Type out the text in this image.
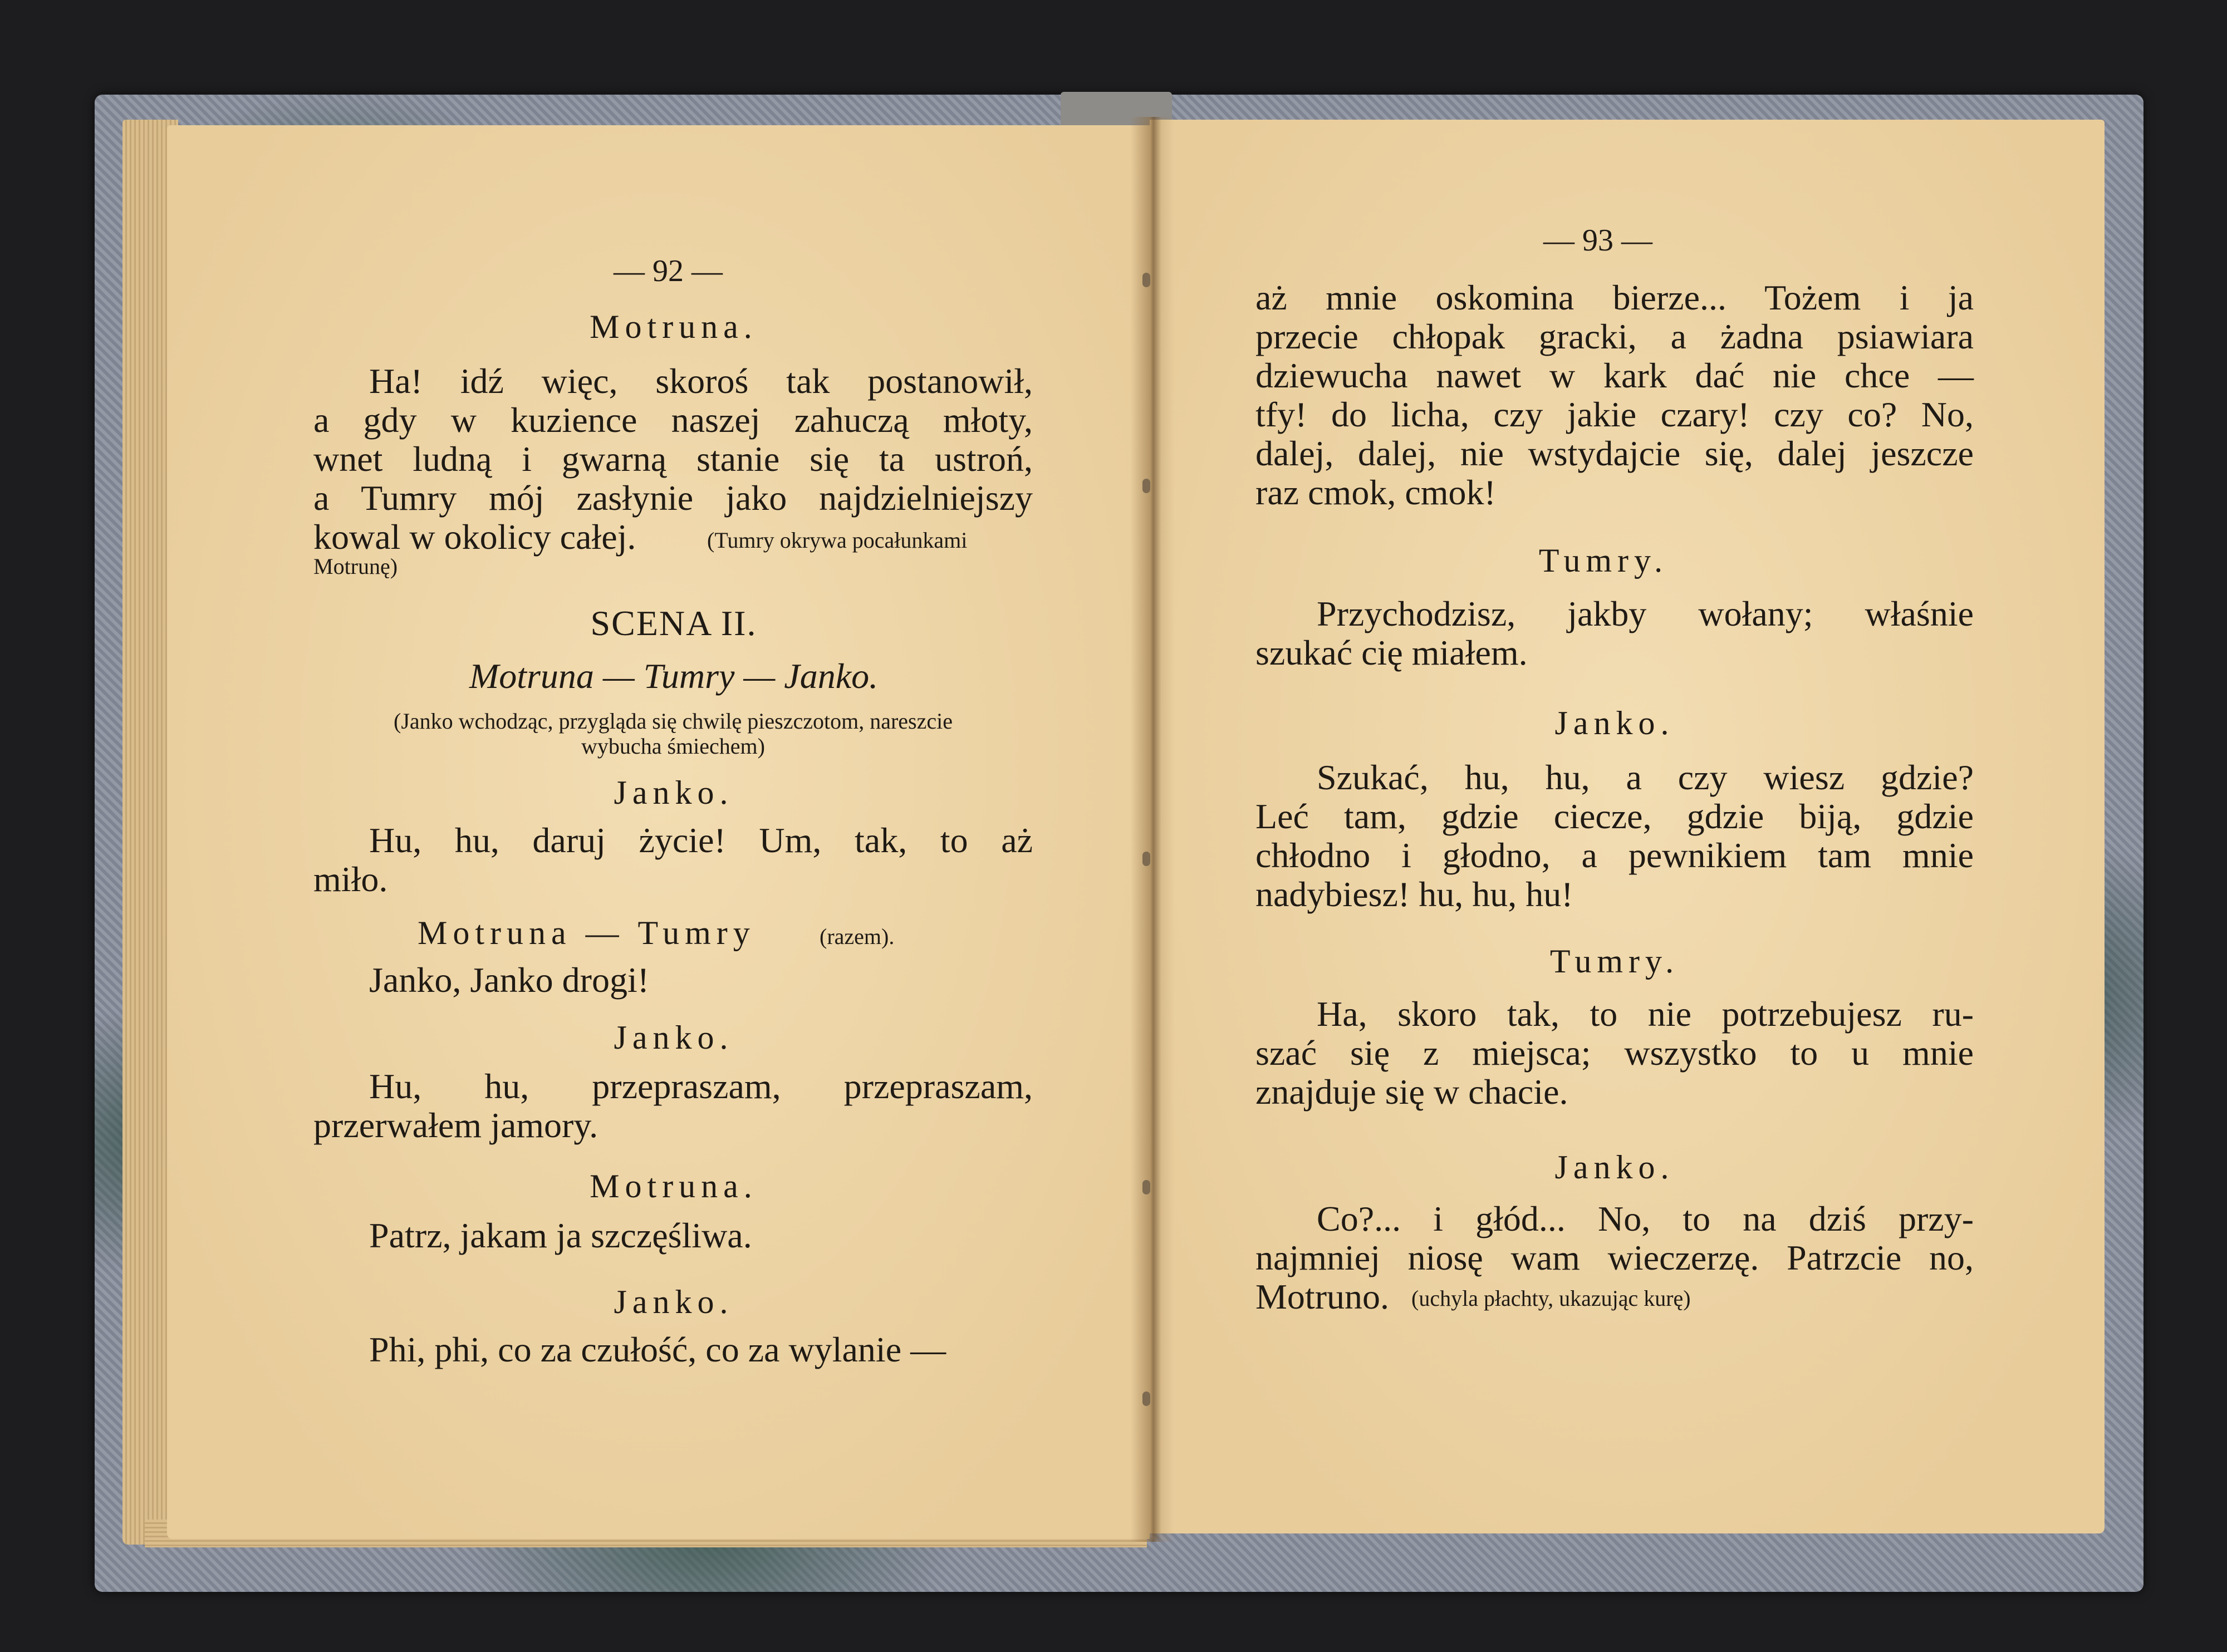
— 92 —

Motruna.

Ha! idź więc, skoroś tak postanowił,

a gdy w kuzience naszej zahuczą młoty,

wnet ludną i gwarną stanie się ta ustroń,

a Tumry mój zasłynie jako najdzielniejszy

kowal w okolicy całej.	(Tumry okrywa pocałunkami

Motrunę)

SCENA II.

Motruna — Tumry — Janko.

(Janko wchodząc, przygląda się chwilę pieszczotom, nareszcie

wybucha śmiechem)

Janko.

Hu, hu, daruj życie! Um, tak, to aż

miło.

Motruna — Tumry	(razem).

Janko, Janko drogi!

Janko.

Hu, hu, przepraszam, przepraszam,

przerwałem jamory.

Motruna.

Patrz, jakam ja szczęśliwa.

Janko.

Phi, phi, co za czułość, co za wylanie —

— 93 —

aż mnie oskomina bierze... Tożem i ja

przecie chłopak gracki, a żadna psiawiara

dziewucha nawet w kark dać nie chce —

tfy! do licha, czy jakie czary! czy co? No,

dalej, dalej, nie wstydajcie się, dalej jeszcze

raz cmok, cmok!

Tumry.

Przychodzisz, jakby wołany; właśnie

szukać cię miałem.

Janko.

Szukać, hu, hu, a czy wiesz gdzie?

Leć tam, gdzie ciecze, gdzie biją, gdzie

chłodno i głodno, a pewnikiem tam mnie

nadybiesz! hu, hu, hu!

Tumry.

Ha, skoro tak, to nie potrzebujesz ru-

szać się z miejsca; wszystko to u mnie

znajduje się w chacie.

Janko.

Co?... i głód... No, to na dziś przy-

najmniej niosę wam wieczerzę. Patrzcie no,

Motruno. (uchyla płachty, ukazując kurę)
